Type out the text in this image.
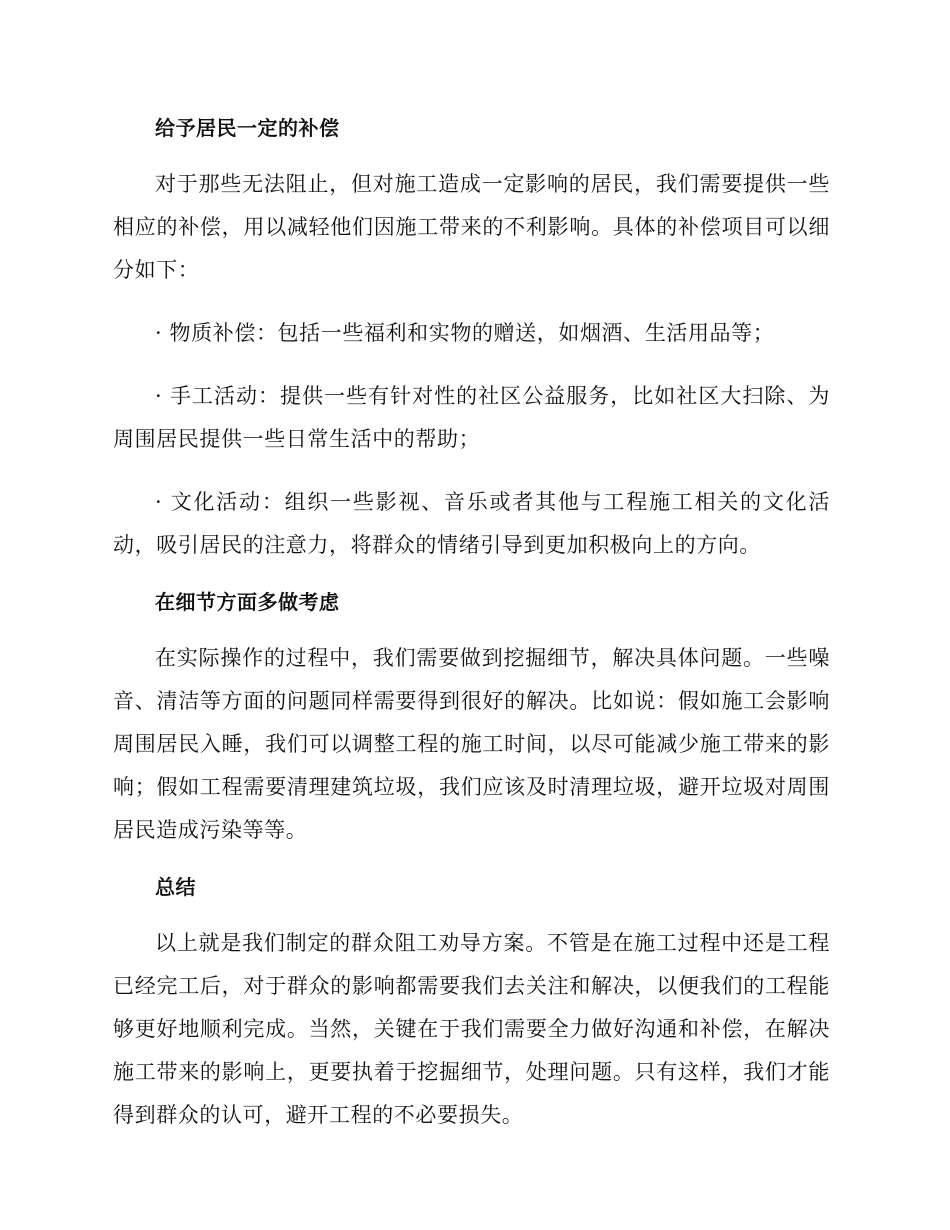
给予居民一定的补偿

对于那些无法阻止，但对施工造成一定影响的居民，我们需要提供一些相应的补偿，用以减轻他们因施工带来的不利影响。具体的补偿项目可以细分如下：

· 物质补偿：包括一些福利和实物的赠送，如烟酒、生活用品等；

· 手工活动：提供一些有针对性的社区公益服务，比如社区大扫除、为周围居民提供一些日常生活中的帮助；

· 文化活动：组织一些影视、音乐或者其他与工程施工相关的文化活动，吸引居民的注意力，将群众的情绪引导到更加积极向上的方向。

在细节方面多做考虑

在实际操作的过程中，我们需要做到挖掘细节，解决具体问题。一些噪音、清洁等方面的问题同样需要得到很好的解决。比如说：假如施工会影响周围居民入睡，我们可以调整工程的施工时间，以尽可能减少施工带来的影响；假如工程需要清理建筑垃圾，我们应该及时清理垃圾，避开垃圾对周围居民造成污染等等。

总结

以上就是我们制定的群众阻工劝导方案。不管是在施工过程中还是工程已经完工后，对于群众的影响都需要我们去关注和解决，以便我们的工程能够更好地顺利完成。当然，关键在于我们需要全力做好沟通和补偿，在解决施工带来的影响上，更要执着于挖掘细节，处理问题。只有这样，我们才能得到群众的认可，避开工程的不必要损失。
